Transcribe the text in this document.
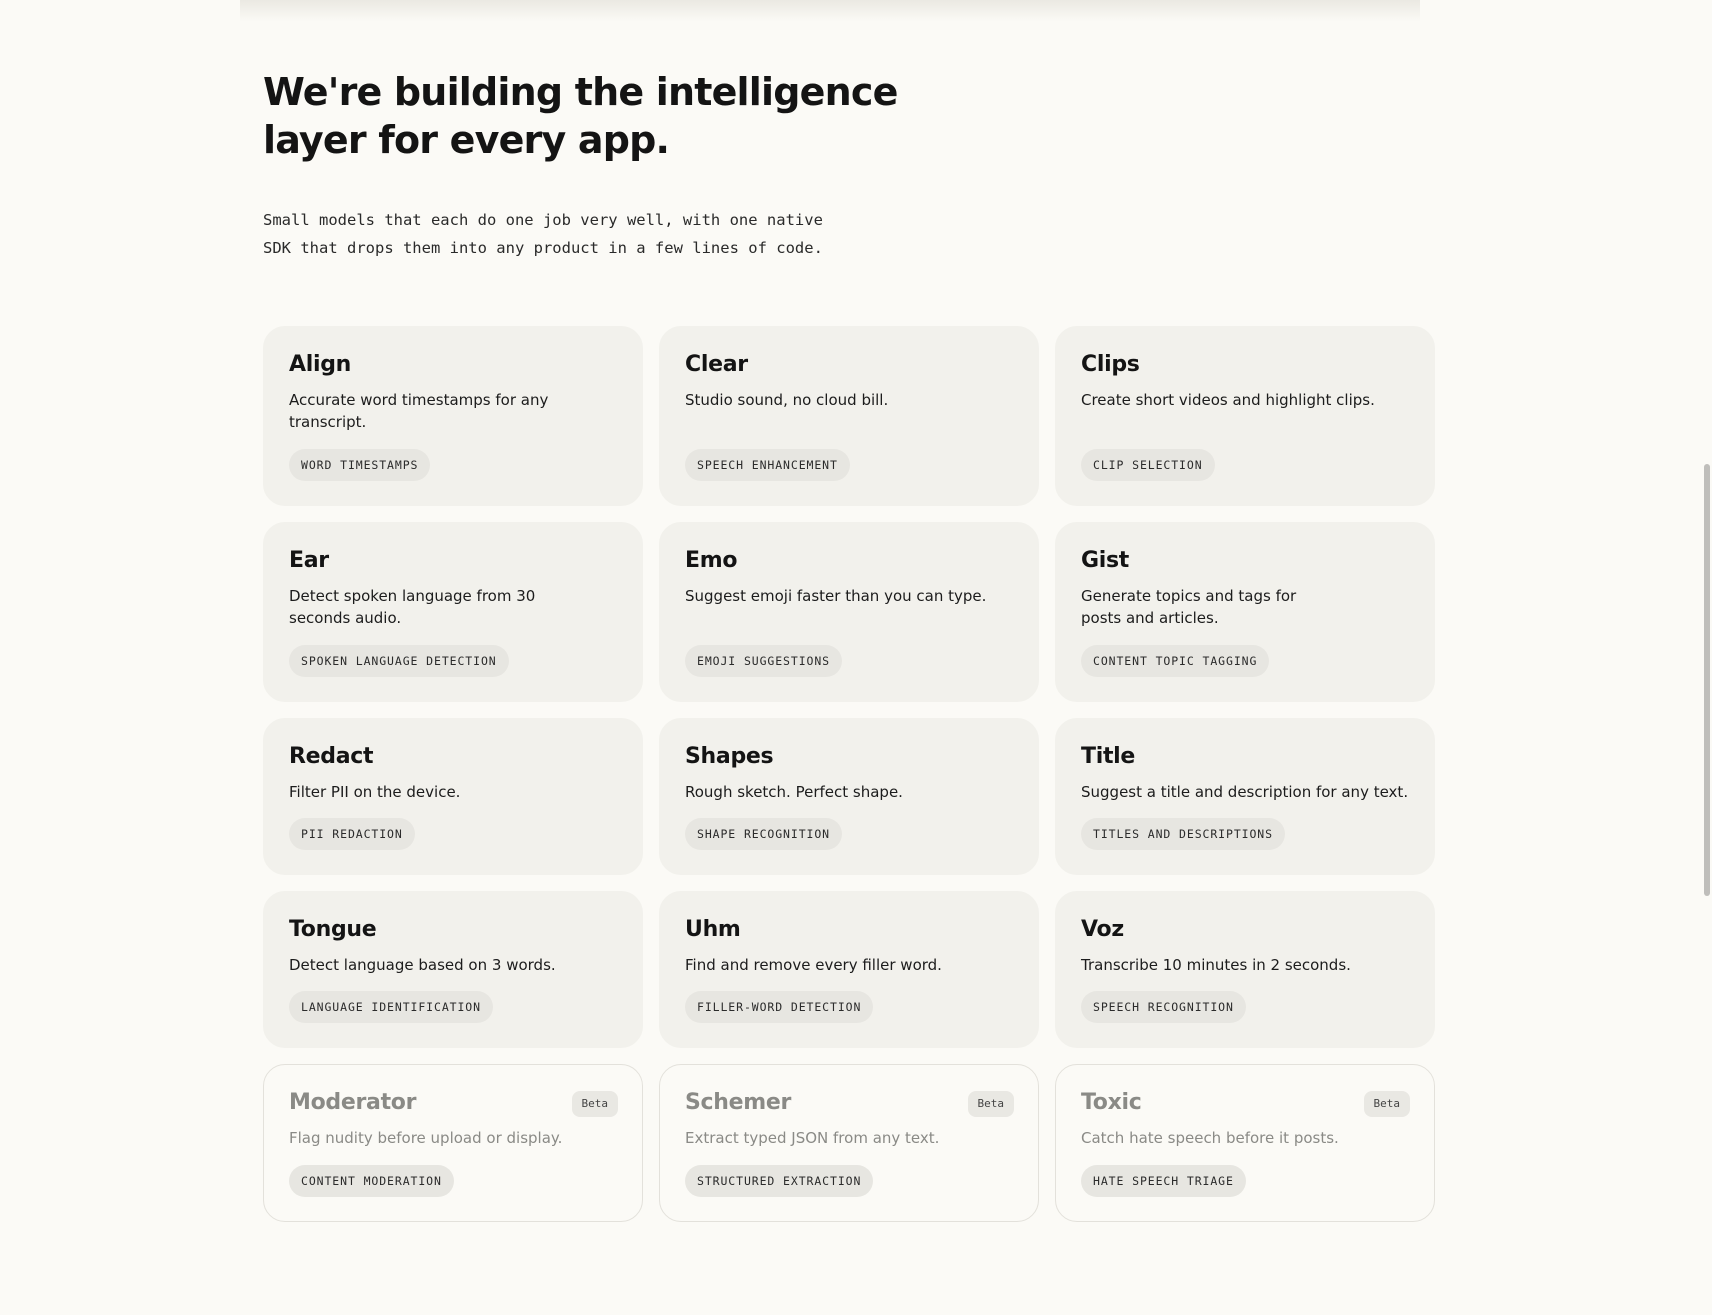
We're building the intelligence layer for every app.

Small models that each do one job very well, with one native
SDK that drops them into any product in a few lines of code.

Align
Accurate word timestamps for any transcript.
WORD TIMESTAMPS
Clear
Studio sound, no cloud bill.
SPEECH ENHANCEMENT
Clips
Create short videos and highlight clips.
CLIP SELECTION
Ear
Detect spoken language from 30 seconds audio.
SPOKEN LANGUAGE DETECTION
Emo
Suggest emoji faster than you can type.
EMOJI SUGGESTIONS
Gist
Generate topics and tags for posts and articles.
CONTENT TOPIC TAGGING
Redact
Filter PII on the device.
PII REDACTION
Shapes
Rough sketch. Perfect shape.
SHAPE RECOGNITION
Title
Suggest a title and description for any text.
TITLES AND DESCRIPTIONS
Tongue
Detect language based on 3 words.
LANGUAGE IDENTIFICATION
Uhm
Find and remove every filler word.
FILLER-WORD DETECTION
Voz
Transcribe 10 minutes in 2 seconds.
SPEECH RECOGNITION
Moderator	Beta
Flag nudity before upload or display.
CONTENT MODERATION
Schemer	Beta
Extract typed JSON from any text.
STRUCTURED EXTRACTION
Toxic	Beta
Catch hate speech before it posts.
HATE SPEECH TRIAGE
